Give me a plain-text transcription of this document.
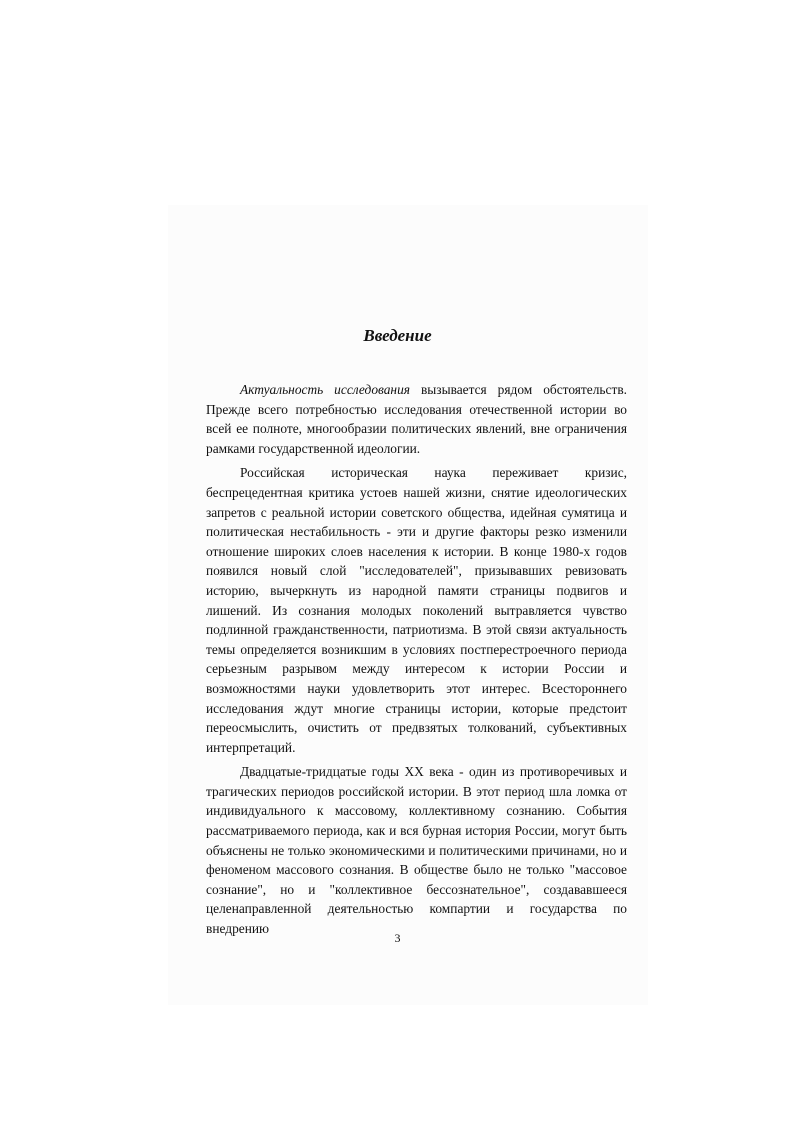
Введение

Актуальность исследования вызывается рядом обстоятельств. Прежде всего потребностью исследования отечественной истории во всей ее полноте, многообразии политических явлений, вне ограничения рамками государственной идеологии.

Российская историческая наука переживает кризис, беспрецедентная критика устоев нашей жизни, снятие идеологических запретов с реальной истории советского общества, идейная сумятица и политическая нестабильность - эти и другие факторы резко изменили отношение широких слоев населения к истории. В конце 1980-х годов появился новый слой "исследователей", призывавших ревизовать историю, вычеркнуть из народной памяти страницы подвигов и лишений. Из сознания молодых поколений вытравляется чувство подлинной гражданственности, патриотизма. В этой связи актуальность темы определяется возникшим в условиях постперестроечного периода серьезным разрывом между интересом к истории России и возможностями науки удовлетворить этот интерес. Всестороннего исследования ждут многие страницы истории, которые предстоит переосмыслить, очистить от предвзятых толкований, субъективных интерпретаций.

Двадцатые-тридцатые годы XX века - один из противоречивых и трагических периодов российской истории. В этот период шла ломка от индивидуального к массовому, коллективному сознанию. События рассматриваемого периода, как и вся бурная история России, могут быть объяснены не только экономическими и политическими причинами, но и феноменом массового сознания. В обществе было не только "массовое сознание", но и "коллективное бессознательное", создававшееся целенаправленной деятельностью компартии и государства по внедрению

3
